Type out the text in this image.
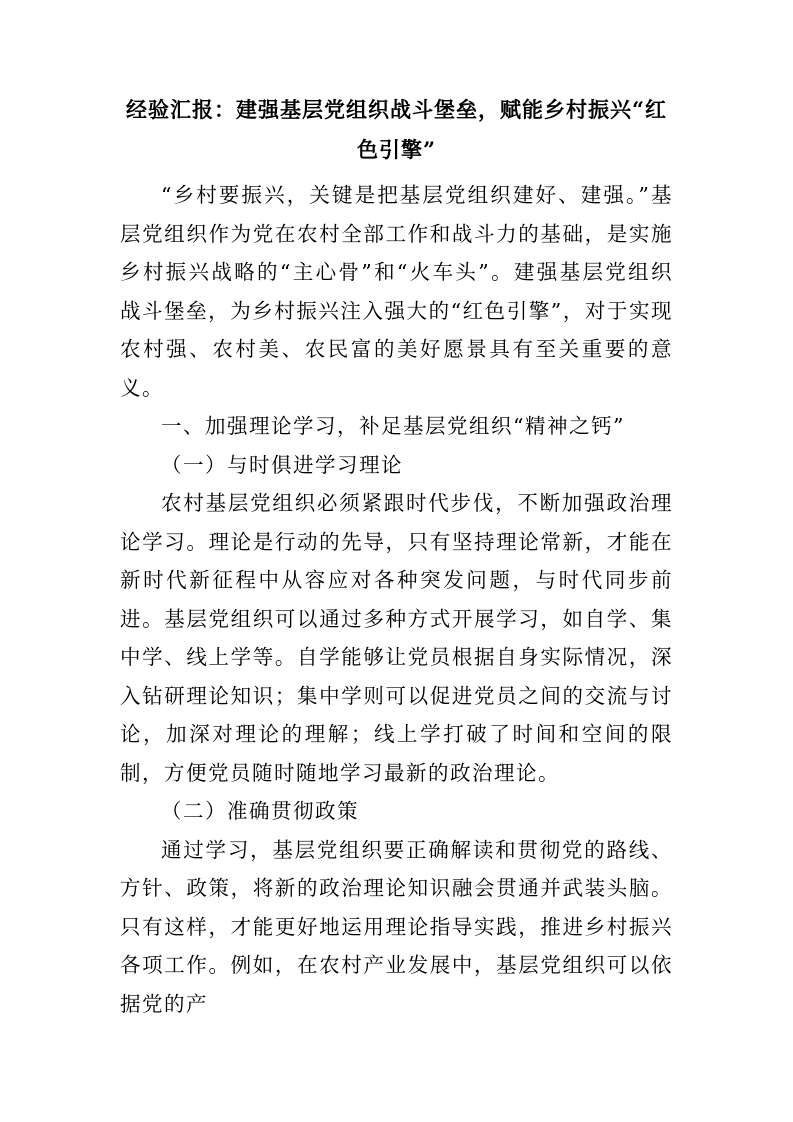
经验汇报：建强基层党组织战斗堡垒，赋能乡村振兴“红色引擎”

“乡村要振兴，关键是把基层党组织建好、建强。”基层党组织作为党在农村全部工作和战斗力的基础，是实施乡村振兴战略的“主心骨”和“火车头”。建强基层党组织战斗堡垒，为乡村振兴注入强大的“红色引擎”，对于实现农村强、农村美、农民富的美好愿景具有至关重要的意义。

一、加强理论学习，补足基层党组织“精神之钙”

（一）与时俱进学习理论

农村基层党组织必须紧跟时代步伐，不断加强政治理论学习。理论是行动的先导，只有坚持理论常新，才能在新时代新征程中从容应对各种突发问题，与时代同步前进。基层党组织可以通过多种方式开展学习，如自学、集中学、线上学等。自学能够让党员根据自身实际情况，深入钻研理论知识；集中学则可以促进党员之间的交流与讨论，加深对理论的理解；线上学打破了时间和空间的限制，方便党员随时随地学习最新的政治理论。

（二）准确贯彻政策

通过学习，基层党组织要正确解读和贯彻党的路线、方针、政策，将新的政治理论知识融会贯通并武装头脑。只有这样，才能更好地运用理论指导实践，推进乡村振兴各项工作。例如，在农村产业发展中，基层党组织可以依据党的产
